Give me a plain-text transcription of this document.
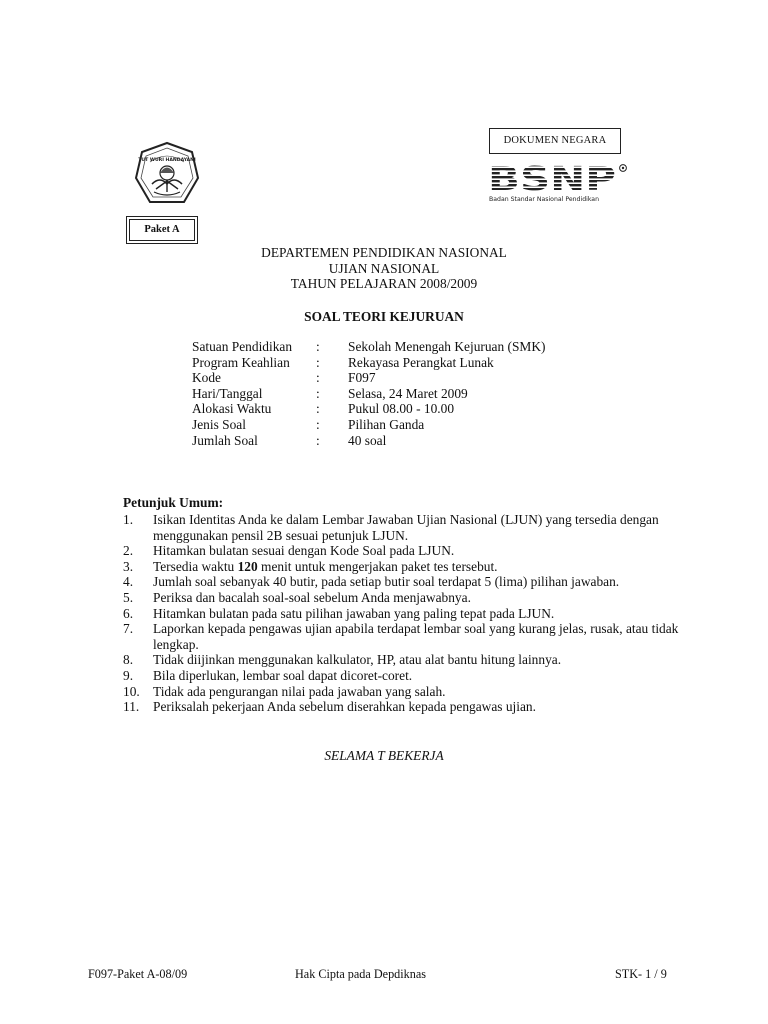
TUT WURI HANDAYANI
DOKUMEN NEGARA
BSNP
Badan Standar Nasional Pendidikan
Paket A
DEPARTEMEN PENDIDIKAN NASIONAL
UJIAN NASIONAL
TAHUN PELAJARAN 2008/2009
SOAL TEORI KEJURUAN
Satuan Pendidikan : Sekolah Menengah Kejuruan (SMK)
Program Keahlian : Rekayasa Perangkat Lunak
Kode	: F097
Hari/Tanggal	: Selasa, 24 Maret 2009
Alokasi Waktu	: Pukul 08.00 - 10.00
Jenis Soal	: Pilihan Ganda
Jumlah Soal	: 40 soal
Petunjuk Umum:
1. Isikan Identitas Anda ke dalam Lembar Jawaban Ujian Nasional (LJUN) yang tersedia dengan menggunakan pensil 2B sesuai petunjuk LJUN.
2. Hitamkan bulatan sesuai dengan Kode Soal pada LJUN.
3. Tersedia waktu 120 menit untuk mengerjakan paket tes tersebut.
4. Jumlah soal sebanyak 40 butir, pada setiap butir soal terdapat 5 (lima) pilihan jawaban.
5. Periksa dan bacalah soal-soal sebelum Anda menjawabnya.
6. Hitamkan bulatan pada satu pilihan jawaban yang paling tepat pada LJUN.
7. Laporkan kepada pengawas ujian apabila terdapat lembar soal yang kurang jelas, rusak, atau tidak lengkap.
8. Tidak diijinkan menggunakan kalkulator, HP, atau alat bantu hitung lainnya.
9. Bila diperlukan, lembar soal dapat dicoret-coret.
10. Tidak ada pengurangan nilai pada jawaban yang salah.
11. Periksalah pekerjaan Anda sebelum diserahkan kepada pengawas ujian.
SELAMA T BEKERJA
F097-Paket A-08/09	Hak Cipta pada Depdiknas	STK- 1 / 9
